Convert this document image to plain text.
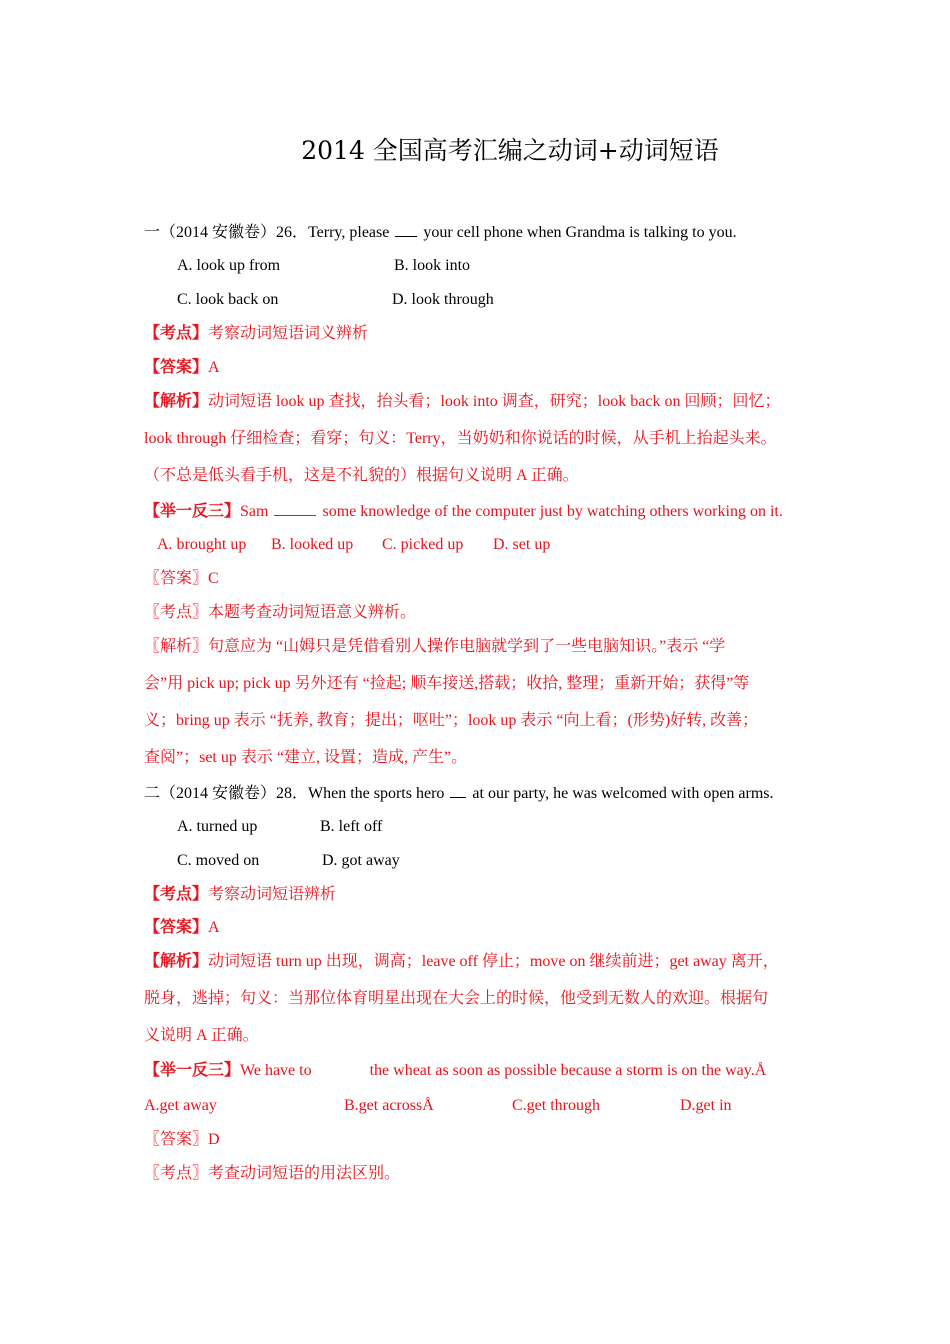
2014 全国高考汇编之动词+动词短语
一（2014 安徽卷）26．Terry, please your cell phone when Grandma is talking to you.
A. look up from	B. look into
C. look back on	D. look through
【考点】考察动词短语词义辨析
【答案】A
【解析】动词短语 look up 查找，抬头看；look into 调查，研究；look back on 回顾；回忆；
look through 仔细检查；看穿；句义：Terry，当奶奶和你说话的时候，从手机上抬起头来。
（不总是低头看手机，这是不礼貌的）根据句义说明 A 正确。
【举一反三】Sam	some knowledge of the computer just by watching others working on it.
A. brought up B. looked up C. picked up D. set up
〖答案〗C
〖考点〗本题考查动词短语意义辨析。
〖解析〗句意应为 “山姆只是凭借看别人操作电脑就学到了一些电脑知识。”表示 “学
会”用 pick up; pick up 另外还有 “捡起; 顺车接送,搭载；收拾, 整理；重新开始；获得”等
义；bring up 表示 “抚养, 教育；提出；呕吐”；look up 表示 “向上看；(形势)好转, 改善；
查阅”；set up 表示 “建立, 设置；造成, 产生”。
二（2014 安徽卷）28．When the sports hero at our party, he was welcomed with open arms.
A. turned up	B. left off
C. moved on	D. got away
【考点】考察动词短语辨析
【答案】A
【解析】动词短语 turn up 出现，调高；leave off 停止；move on 继续前进；get away 离开，
脱身，逃掉；句义：当那位体育明星出现在大会上的时候，他受到无数人的欢迎。根据句
义说明 A 正确。
【举一反三】We have to	the wheat as soon as possible because a storm is on the way.Å
A.get away	B.get acrossÅ	C.get through	D.get in
〖答案〗D
〖考点〗考查动词短语的用法区别。
